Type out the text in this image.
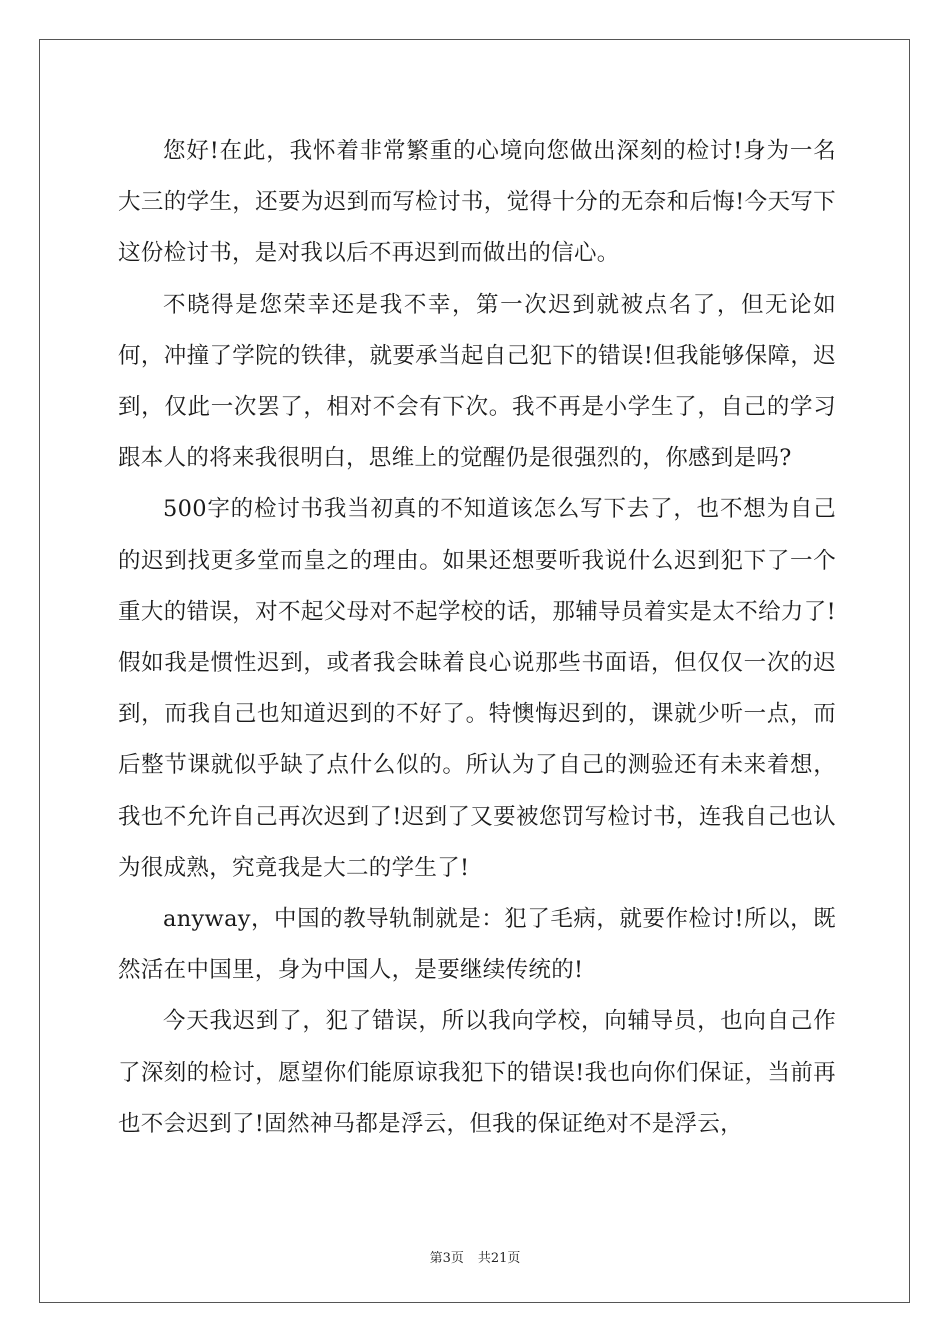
您好!在此，我怀着非常繁重的心境向您做出深刻的检讨!身为一名大三的学生，还要为迟到而写检讨书，觉得十分的无奈和后悔!今天写下这份检讨书，是对我以后不再迟到而做出的信心。

不晓得是您荣幸还是我不幸，第一次迟到就被点名了，但无论如何，冲撞了学院的铁律，就要承当起自己犯下的错误!但我能够保障，迟到，仅此一次罢了，相对不会有下次。我不再是小学生了，自己的学习跟本人的将来我很明白，思维上的觉醒仍是很强烈的，你感到是吗?

500字的检讨书我当初真的不知道该怎么写下去了，也不想为自己的迟到找更多堂而皇之的理由。如果还想要听我说什么迟到犯下了一个重大的错误，对不起父母对不起学校的话，那辅导员着实是太不给力了!假如我是惯性迟到，或者我会昧着良心说那些书面语，但仅仅一次的迟到，而我自己也知道迟到的不好了。特懊悔迟到的，课就少听一点，而后整节课就似乎缺了点什么似的。所认为了自己的测验还有未来着想，我也不允许自己再次迟到了!迟到了又要被您罚写检讨书，连我自己也认为很成熟，究竟我是大二的学生了!

anyway，中国的教导轨制就是：犯了毛病，就要作检讨!所以，既然活在中国里，身为中国人，是要继续传统的!

今天我迟到了，犯了错误，所以我向学校，向辅导员，也向自己作了深刻的检讨，愿望你们能原谅我犯下的错误!我也向你们保证，当前再也不会迟到了!固然神马都是浮云，但我的保证绝对不是浮云，

第3页 共21页
